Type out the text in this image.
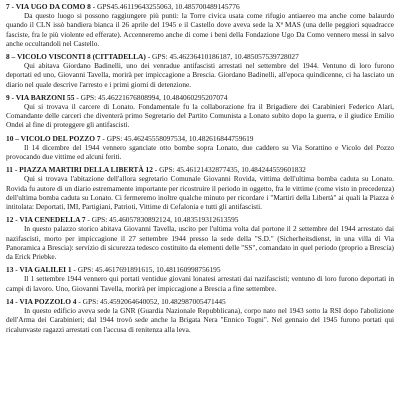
7 - VIA UGO DA COMO 8 - GPS45.46119643255063, 10.485700489145776
Da questo luogo si possono raggiungere più punti: la Torre civica usata come rifugio antiaereo ma anche come balaurdo quando il CLN issò bandiera bianca il 26 aprile del 1945 e il Castello dove aveva sede la Xª MAS (una delle peggiori squadracce fasciste, fra le più violente ed efferate). Accenneremo anche di come i beni della Fondazione Ugo Da Como vennero messi in salvo anche occultandoli nel Castello.
8 – VICOLO VISCONTI 8 (CITTADELLA) - GPS: 45.46236410186187, 10.485057539728027
Qui abitava Giordano Badinelli, uno dei venradue antifascisti arrestati nel settembre del 1944. Ventuno di loro furono deportati ed uno, Giovanni Tavella, morirà per impiccagione a Brescia. Giordano Badinelli, all'epoca quindicenne, ci ha lasciato un diario nel quale descrive l'arresto e i primi giorni di detenzione.
9 - VIA BARZONI 55 - GPS: 45.462216768089​94, 10.484060295207074
Qui si trovava il carcere di Lonato. Fondamentale fu la collaborazione fra il Brigadiere dei Carabinieri Federico Alari, Comandante delle carceri che diventerà primo Segretario del Partito Comunista a Lonato subito dopo la guerra, e il giudice Emilio Ondei al fine di proteggere gli antifascisti.
10 – VICOLO DEL POZZO 7 - GPS: 45.46245558097534, 10.48261684475961​9
Il 14 dicembre del 1944 vennero sganciate otto bombe sopra Lonato, due caddero su Via Sorattino e Vicolo del Pozzo provocando due vittime ed alcuni feriti.
11 - PIAZZA MARTIRI DELLA LIBERTÀ 12 - GPS: 45.46121432877435, 10.484244559601832
Qui si trovava l'abitazione dell'allora segretario Comunale Giovanni Rovida, vittima dell'ultima bomba caduta su Lonato. Rovida fu autore di un diario estremamente importante per ricostruire il periodo in oggetto, fra le vittime (come visto in precedenza) dell'ultima bomba caduta su Lonato. Ci fermeremo inoltre qualche minuto per ricordare i "Martiri della Libertà" ai quali la Piazza è intitolata: Deportati, IMI, Partigiani, Patrioti, Vittime di Cefalonia e tutti gli antifascisti.
12 - VIA CENEDELLA 7 - GPS: 45.460578308​92124, 10.483519312613595
In questo palazzo storico abitava Giovanni Tavella, uscito per l'ultima volta dal portone il 2 settembre del 1944 arrestato dai nazifascisti, morto per impiccagione il 27 settembre 1944 presso la sede della "S.D." (Sicherheitsdienst, in una villa di Via Panoramica a Brescia): servizio di sicurezza tedesco costituito da elementi delle "SS", comandato in quel periodo (proprio a Brescia) da Erick Priebke.
13 - VIA GALILEI 1 - GPS: 45.4617691891615, 10.481160998756195
Il 1 settembre 1944 vennero qui portati ventidue giovani lonatesi arrestati dai nazifascisti; ventuno di loro furono deportati in campi di lavoro. Uno, Giovanni Tavella, morirà per impiccagione a Brescia a fine settembre.
14 - VIA POZZOLO 4 - GPS: 45.4592064640052, 10.482987005471445
In questo edificio aveva sede la GNR (Guardia Nazionale Repubblicana), corpo nato nel 1943 sotto la RSI dopo l'abolizione dell'Arma dei Carabinieri; dal 1944 trovò sede anche la Brigata Nera "Ennico Togni". Nel gennaio del 1945 furono portati qui ricalunvaste ragazzi arrestati con l'accusa di renitenza alla leva.
